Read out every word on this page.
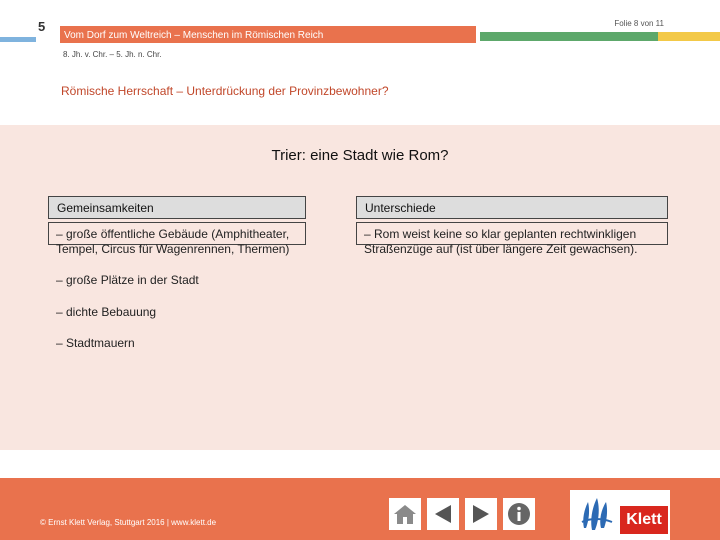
5
Vom Dorf zum Weltreich – Menschen im Römischen Reich
Folie 8 von 11
8. Jh. v. Chr. – 5. Jh. n. Chr.
Römische Herrschaft – Unterdrückung der Provinzbewohner?
Trier: eine Stadt wie Rom?
Gemeinsamkeiten	Unterschiede
– große öffentliche Gebäude (Amphitheater, Tempel, Circus für Wagenrennen, Thermen)
– große Plätze in der Stadt
– dichte Bebauung
– Stadtmauern
– Rom weist keine so klar geplanten rechtwinkligen Straßenzüge auf (ist über längere Zeit gewachsen).
© Ernst Klett Verlag, Stuttgart 2016 | www.klett.de	Klett
